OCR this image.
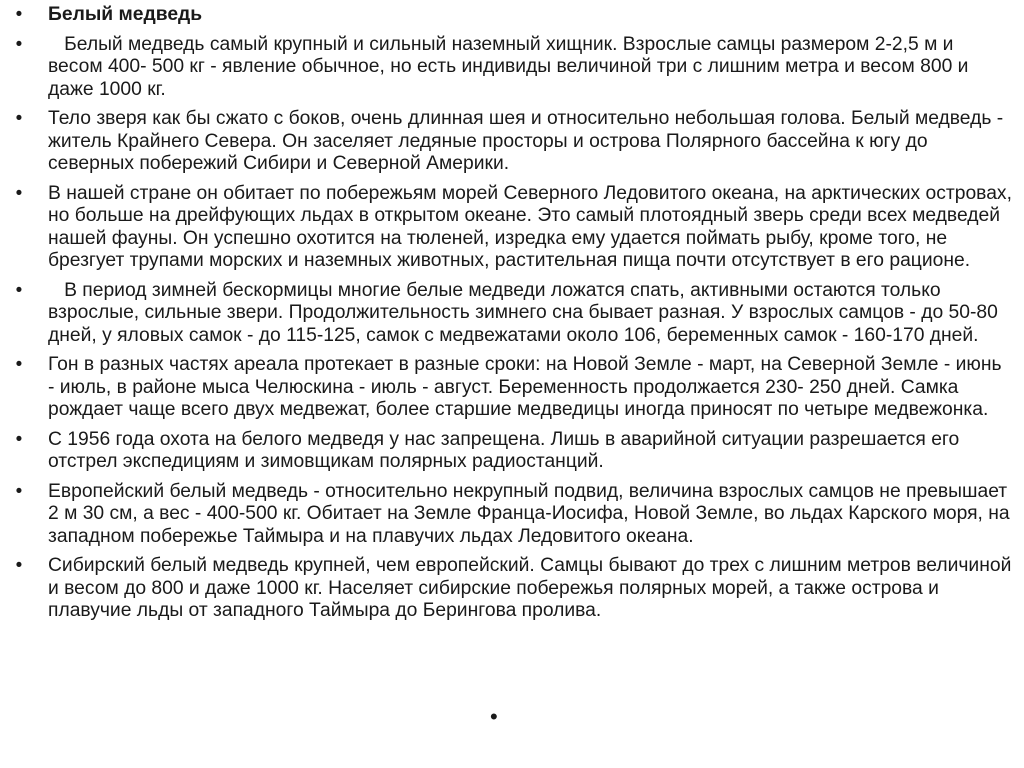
• Белый медведь
• Белый медведь самый крупный и сильный наземный хищник. Взрослые самцы размером 2-2,5 м и весом 400- 500 кг - явление обычное, но есть индивиды величиной три с лишним метра и весом 800 и даже 1000 кг.
• Тело зверя как бы сжато с боков, очень длинная шея и относительно небольшая голова. Белый медведь - житель Крайнего Севера. Он заселяет ледяные просторы и острова Полярного бассейна к югу до северных побережий Сибири и Северной Америки.
• В нашей стране он обитает по побережьям морей Северного Ледовитого океана, на арктических островах, но больше на дрейфующих льдах в открытом океане. Это самый плотоядный зверь среди всех медведей нашей фауны. Он успешно охотится на тюленей, изредка ему удается поймать рыбу, кроме того, не брезгует трупами морских и наземных животных, растительная пища почти отсутствует в его рационе.
• В период зимней бескормицы многие белые медведи ложатся спать, активными остаются только взрослые, сильные звери. Продолжительность зимнего сна бывает разная. У взрослых самцов - до 50-80 дней, у яловых самок - до 115-125, самок с медвежатами около 106, беременных самок - 160-170 дней.
• Гон в разных частях ареала протекает в разные сроки: на Новой Земле - март, на Северной Земле - июнь - июль, в районе мыса Челюскина - июль - август. Беременность продолжается 230- 250 дней. Самка рождает чаще всего двух медвежат, более старшие медведицы иногда приносят по четыре медвежонка.
• С 1956 года охота на белого медведя у нас запрещена. Лишь в аварийной ситуации разрешается его отстрел экспедициям и зимовщикам полярных радиостанций.
• Европейский белый медведь - относительно некрупный подвид, величина взрослых самцов не превышает 2 м 30 см, а вес - 400-500 кг. Обитает на Земле Франца-Иосифа, Новой Земле, во льдах Карского моря, на западном побережье Таймыра и на плавучих льдах Ледовитого океана.
• Сибирский белый медведь крупней, чем европейский. Самцы бывают до трех с лишним метров величиной и весом до 800 и даже 1000 кг. Населяет сибирские побережья полярных морей, а также острова и плавучие льды от западного Таймыра до Берингова пролива.
•
